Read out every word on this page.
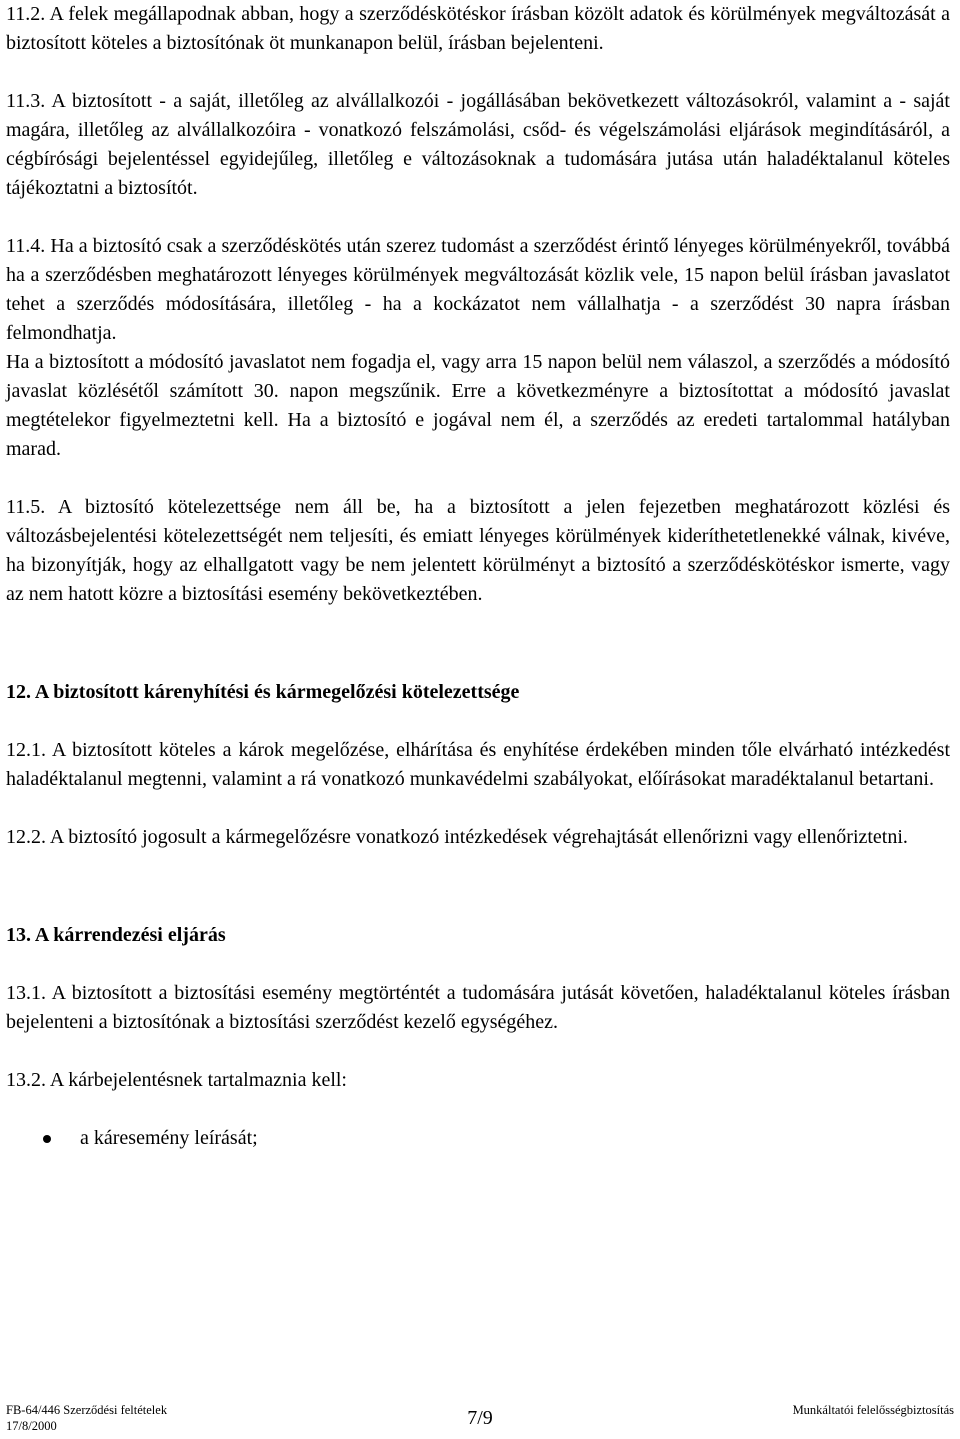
11.2. A felek megállapodnak abban, hogy a szerződéskötéskor írásban közölt adatok és körülmények megváltozását a biztosított köteles a biztosítónak öt munkanapon belül, írásban bejelenteni.

11.3. A biztosított - a saját, illetőleg az alvállalkozói - jogállásában bekövetkezett változásokról, valamint a - saját magára, illetőleg az alvállalkozóira - vonatkozó felszámolási, csőd- és végelszámolási eljárások megindításáról, a cégbírósági bejelentéssel egyidejűleg, illetőleg e változásoknak a tudomására jutása után haladéktalanul köteles tájékoztatni a biztosítót.

11.4. Ha a biztosító csak a szerződéskötés után szerez tudomást a szerződést érintő lényeges körülményekről, továbbá ha a szerződésben meghatározott lényeges körülmények megváltozását közlik vele, 15 napon belül írásban javaslatot tehet a szerződés módosítására, illetőleg - ha a kockázatot nem vállalhatja - a szerződést 30 napra írásban felmondhatja.

Ha a biztosított a módosító javaslatot nem fogadja el, vagy arra 15 napon belül nem válaszol, a szerződés a módosító javaslat közlésétől számított 30. napon megszűnik. Erre a következményre a biztosítottat a módosító javaslat megtételekor figyelmeztetni kell. Ha a biztosító e jogával nem él, a szerződés az eredeti tartalommal hatályban marad.

11.5. A biztosító kötelezettsége nem áll be, ha a biztosított a jelen fejezetben meghatározott közlési és változásbejelentési kötelezettségét nem teljesíti, és emiatt lényeges körülmények kideríthetetlenekké válnak, kivéve, ha bizonyítják, hogy az elhallgatott vagy be nem jelentett körülményt a biztosító a szerződéskötéskor ismerte, vagy az nem hatott közre a biztosítási esemény bekövetkeztében.

12. A biztosított kárenyhítési és kármegelőzési kötelezettsége

12.1. A biztosított köteles a károk megelőzése, elhárítása és enyhítése érdekében minden tőle elvárható intézkedést haladéktalanul megtenni, valamint a rá vonatkozó munkavédelmi szabályokat, előírásokat maradéktalanul betartani.

12.2. A biztosító jogosult a kármegelőzésre vonatkozó intézkedések végrehajtását ellenőrizni vagy ellenőriztetni.

13. A kárrendezési eljárás

13.1. A biztosított a biztosítási esemény megtörténtét a tudomására jutását követően, haladéktalanul köteles írásban bejelenteni a biztosítónak a biztosítási szerződést kezelő egységéhez.

13.2. A kárbejelentésnek tartalmaznia kell:

a káresemény leírását;
FB-64/446 Szerződési feltételek
17/8/2000	7/9	Munkáltatói felelősségbiztosítás
